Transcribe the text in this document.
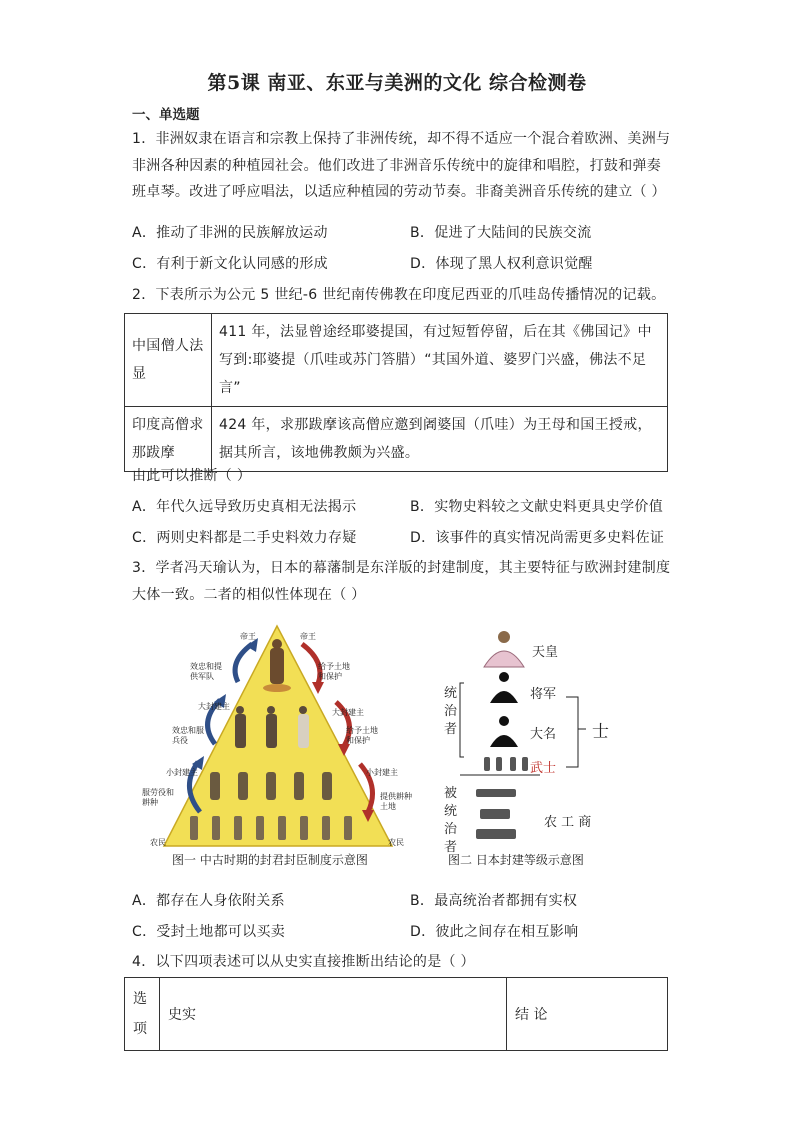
第5课 南亚、东亚与美洲的文化 综合检测卷
一、单选题
1．非洲奴隶在语言和宗教上保持了非洲传统，却不得不适应一个混合着欧洲、美洲与非洲各种因素的种植园社会。他们改进了非洲音乐传统中的旋律和唱腔，打鼓和弹奏班卓琴。改进了呼应唱法，以适应种植园的劳动节奏。非裔美洲音乐传统的建立（ ）
A．推动了非洲的民族解放运动	B．促进了大陆间的民族交流
C．有利于新文化认同感的形成	D．体现了黑人权利意识觉醒
2．下表所示为公元 5 世纪-6 世纪南传佛教在印度尼西亚的爪哇岛传播情况的记载。
中国僧人法显	411 年，法显曾途经耶婆提国，有过短暂停留，后在其《佛国记》中写到:耶婆提（爪哇或苏门答腊）“其国外道、婆罗门兴盛，佛法不足言”
印度高僧求那跋摩	424 年，求那跋摩该高僧应邀到阇婆国（爪哇）为王母和国王授戒，据其所言，该地佛教颇为兴盛。
由此可以推断（ ）
A．年代久远导致历史真相无法揭示	B．实物史料较之文献史料更具史学价值
C．两则史料都是二手史料效力存疑	D．该事件的真实情况尚需更多史料佐证
3．学者冯天瑜认为，日本的幕藩制是东洋版的封建制度，其主要特征与欧洲封建制度大体一致。二者的相似性体现在（ ）
帝王
效忠和提供军队
大封建主
效忠和服兵役
小封建主
服劳役和耕种
农民
帝王
给予土地和保护
大封建主
给予土地和保护
小封建主
提供耕种土地
农民
图一 中古时期的封君封臣制度示意图
天皇
将军
大名
武士
士
统治者
被统治者
农 工 商
图二 日本封建等级示意图
A．都存在人身依附关系	B．最高统治者都拥有实权
C．受封土地都可以买卖	D．彼此之间存在相互影响
4．以下四项表述可以从史实直接推断出结论的是（ ）
选项	史实	结 论
